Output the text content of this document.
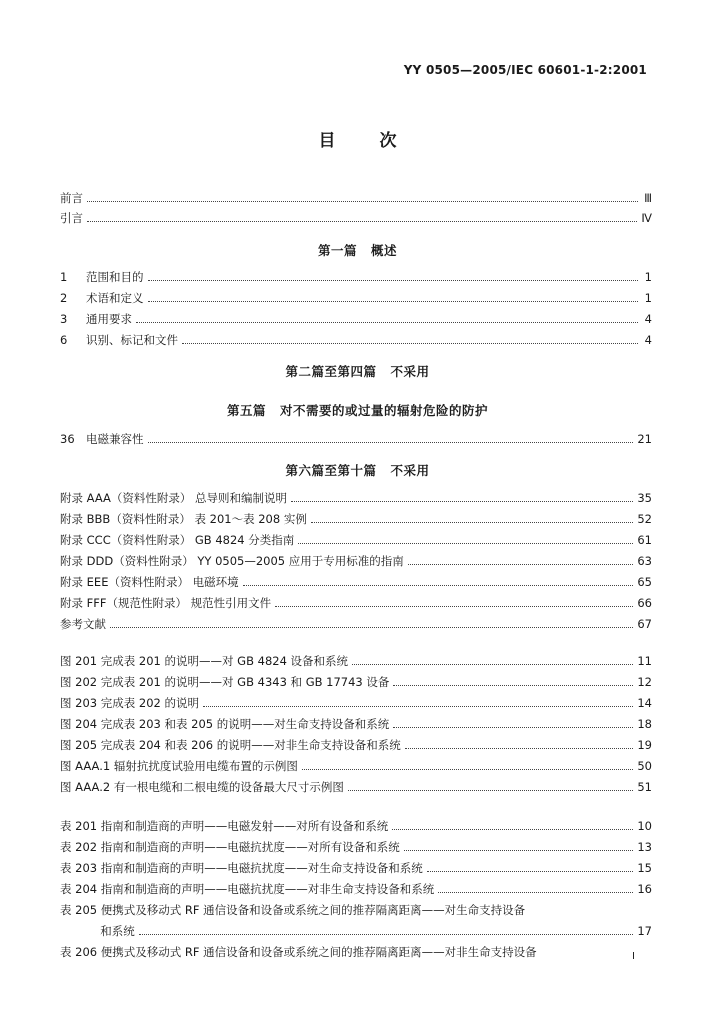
YY 0505—2005/IEC 60601-1-2:2001
目次
前言	Ⅲ
引言	Ⅳ
第一篇 概述
1 范围和目的	1
2 术语和定义	1
3 通用要求	4
6 识别、标记和文件	4
第二篇至第四篇 不采用
第五篇 对不需要的或过量的辐射危险的防护
36 电磁兼容性	21
第六篇至第十篇 不采用
附录 AAA（资料性附录） 总导则和编制说明	35
附录 BBB（资料性附录） 表 201～表 208 实例	52
附录 CCC（资料性附录） GB 4824 分类指南	61
附录 DDD（资料性附录） YY 0505—2005 应用于专用标准的指南	63
附录 EEE（资料性附录） 电磁环境	65
附录 FFF（规范性附录） 规范性引用文件	66
参考文献	67
图 201 完成表 201 的说明——对 GB 4824 设备和系统	11
图 202 完成表 201 的说明——对 GB 4343 和 GB 17743 设备	12
图 203 完成表 202 的说明	14
图 204 完成表 203 和表 205 的说明——对生命支持设备和系统	18
图 205 完成表 204 和表 206 的说明——对非生命支持设备和系统	19
图 AAA.1 辐射抗扰度试验用电缆布置的示例图	50
图 AAA.2 有一根电缆和二根电缆的设备最大尺寸示例图	51
表 201 指南和制造商的声明——电磁发射——对所有设备和系统	10
表 202 指南和制造商的声明——电磁抗扰度——对所有设备和系统	13
表 203 指南和制造商的声明——电磁抗扰度——对生命支持设备和系统	15
表 204 指南和制造商的声明——电磁抗扰度——对非生命支持设备和系统	16
表 205 便携式及移动式 RF 通信设备和设备或系统之间的推荐隔离距离——对生命支持设备
和系统	17
表 206 便携式及移动式 RF 通信设备和设备或系统之间的推荐隔离距离——对非生命支持设备	Ⅰ
